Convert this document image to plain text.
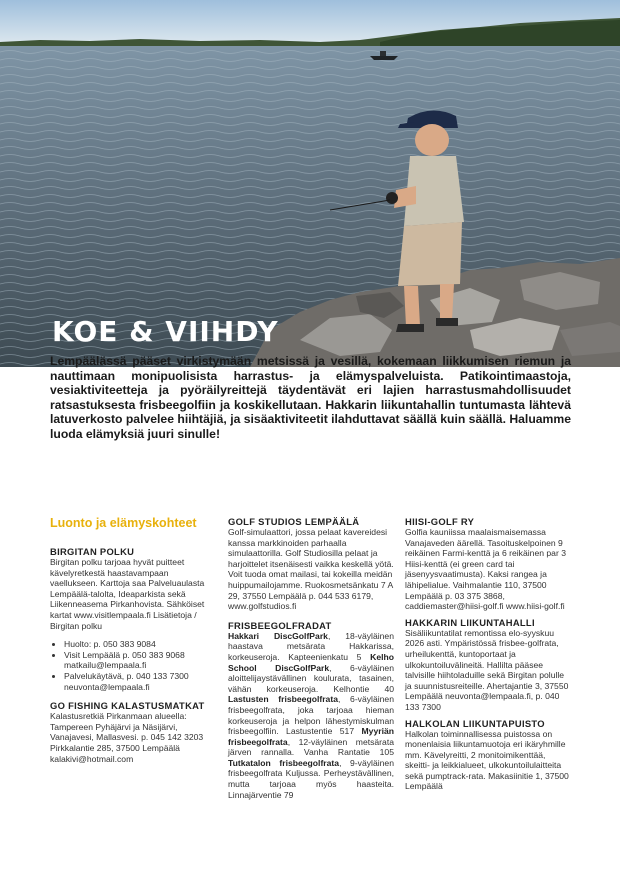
KOE & VIIHDY

Lempäälässä pääset virkistymään metsissä ja vesillä, kokemaan liikkumisen riemun ja nauttimaan monipuolisista harrastus- ja elämyspalveluista. Patikointimaastoja, vesiaktiviteetteja ja pyöräilyreittejä täydentävät eri lajien harrastusmahdollisuudet ratsastuksesta frisbeegolfiin ja koskikellutaan. Hakkarin liikuntahallin tuntumasta lähtevä latuverkosto palvelee hiihtäjiä, ja sisäaktiviteetit ilahduttavat säällä kuin säällä. Haluamme luoda elämyksiä juuri sinulle!

Luonto ja elämyskohteet
BIRGITAN POLKU

Birgitan polku tarjoaa hyvät puitteet kävelyretkestä haastavampaan vaellukseen. Karttoja saa Palveluaulasta Lempäälä-talolta, Ideaparkista sekä Liikenneasema Pirkanhovista. Sähköiset kartat www.visitlempaala.fi Lisätietoja / Birgitan polku

• Huolto: p. 050 383 9084
• Visit Lempäälä p. 050 383 9068 matkailu@lempaala.fi
• Palvelukäytävä, p. 040 133 7300 neuvonta@lempaala.fi
GO FISHING KALASTUSMATKAT

Kalastusretkiä Pirkanmaan alueella: Tampereen Pyhäjärvi ja Näsijärvi, Vanajavesi, Mallasvesi. p. 045 142 3203 Pirkkalantie 285, 37500 Lempäälä kalakivi@hotmail.com

GOLF STUDIOS LEMPÄÄLÄ

Golf-simulaattori, jossa pelaat kavereidesi kanssa markkinoiden parhaalla simulaattorilla. Golf Studiosilla pelaat ja harjoittelet itsenäisesti vaikka keskellä yötä. Voit tuoda omat mailasi, tai kokeilla meidän huippumailojamme. Ruokosmetsänkatu 7 A 29, 37550 Lempäälä p. 044 533 6179, www.golfstudios.fi

FRISBEEGOLFRADAT

Hakkari DiscGolfPark, 18-väyläinen haastava metsärata Hakkarissa, korkeuseroja. Kapteenienkatu 5 Kelho School DiscGolfPark, 6-väyläinen aloittelijaystävällinen koulurata, tasainen, vähän korkeuseroja. Kelhontie 40 Lastusten frisbeegolfrata, 6-väyläinen frisbeegolfrata, joka tarjoaa hieman korkeuseroja ja helpon lähestymiskulman frisbeegolfiin. Lastustentie 517 Myyriän frisbeegolfrata, 12-väyläinen metsärata järven rannalla. Vanha Rantatie 105 Tutkatalon frisbeegolfrata, 9-väyläinen frisbeegolfrata Kuljussa. Perheystävällinen, mutta tarjoaa myös haasteita. Linnajärventie 79

HIISI-GOLF RY

Golfia kauniissa maalaismaisemassa Vanajaveden äärellä. Tasoituskelpoinen 9 reikäinen Farmi-kenttä ja 6 reikäinen par 3 Hiisi-kenttä (ei green card tai jäsenyysvaatimusta). Kaksi rangea ja lähipelialue. Vaihmalantie 110, 37500 Lempäälä p. 03 375 3868, caddiemaster@hiisi-golf.fi www.hiisi-golf.fi

HAKKARIN LIIKUNTAHALLI

Sisäliikuntatilat remontissa elo-syyskuu 2026 asti. Ympäristössä frisbee-golfrata, urheilukenttä, kuntoportaat ja ulkokuntoiluvälineitä. Hallilta pääsee talvisille hiihtoladuille sekä Birgitan polulle ja suunnistusreiteille. Ahertajantie 3, 37550 Lempäälä neuvonta@lempaala.fi, p. 040 133 7300

HALKOLAN LIIKUNTAPUISTO

Halkolan toiminnallisessa puistossa on monenlaisia liikuntamuotoja eri ikäryhmille mm. Kävelyreitti, 2 monitoimikenttää, skeitti- ja leikkialueet, ulkokuntoilulaitteita sekä pumptrack-rata. Makasiinitie 1, 37500 Lempäälä
